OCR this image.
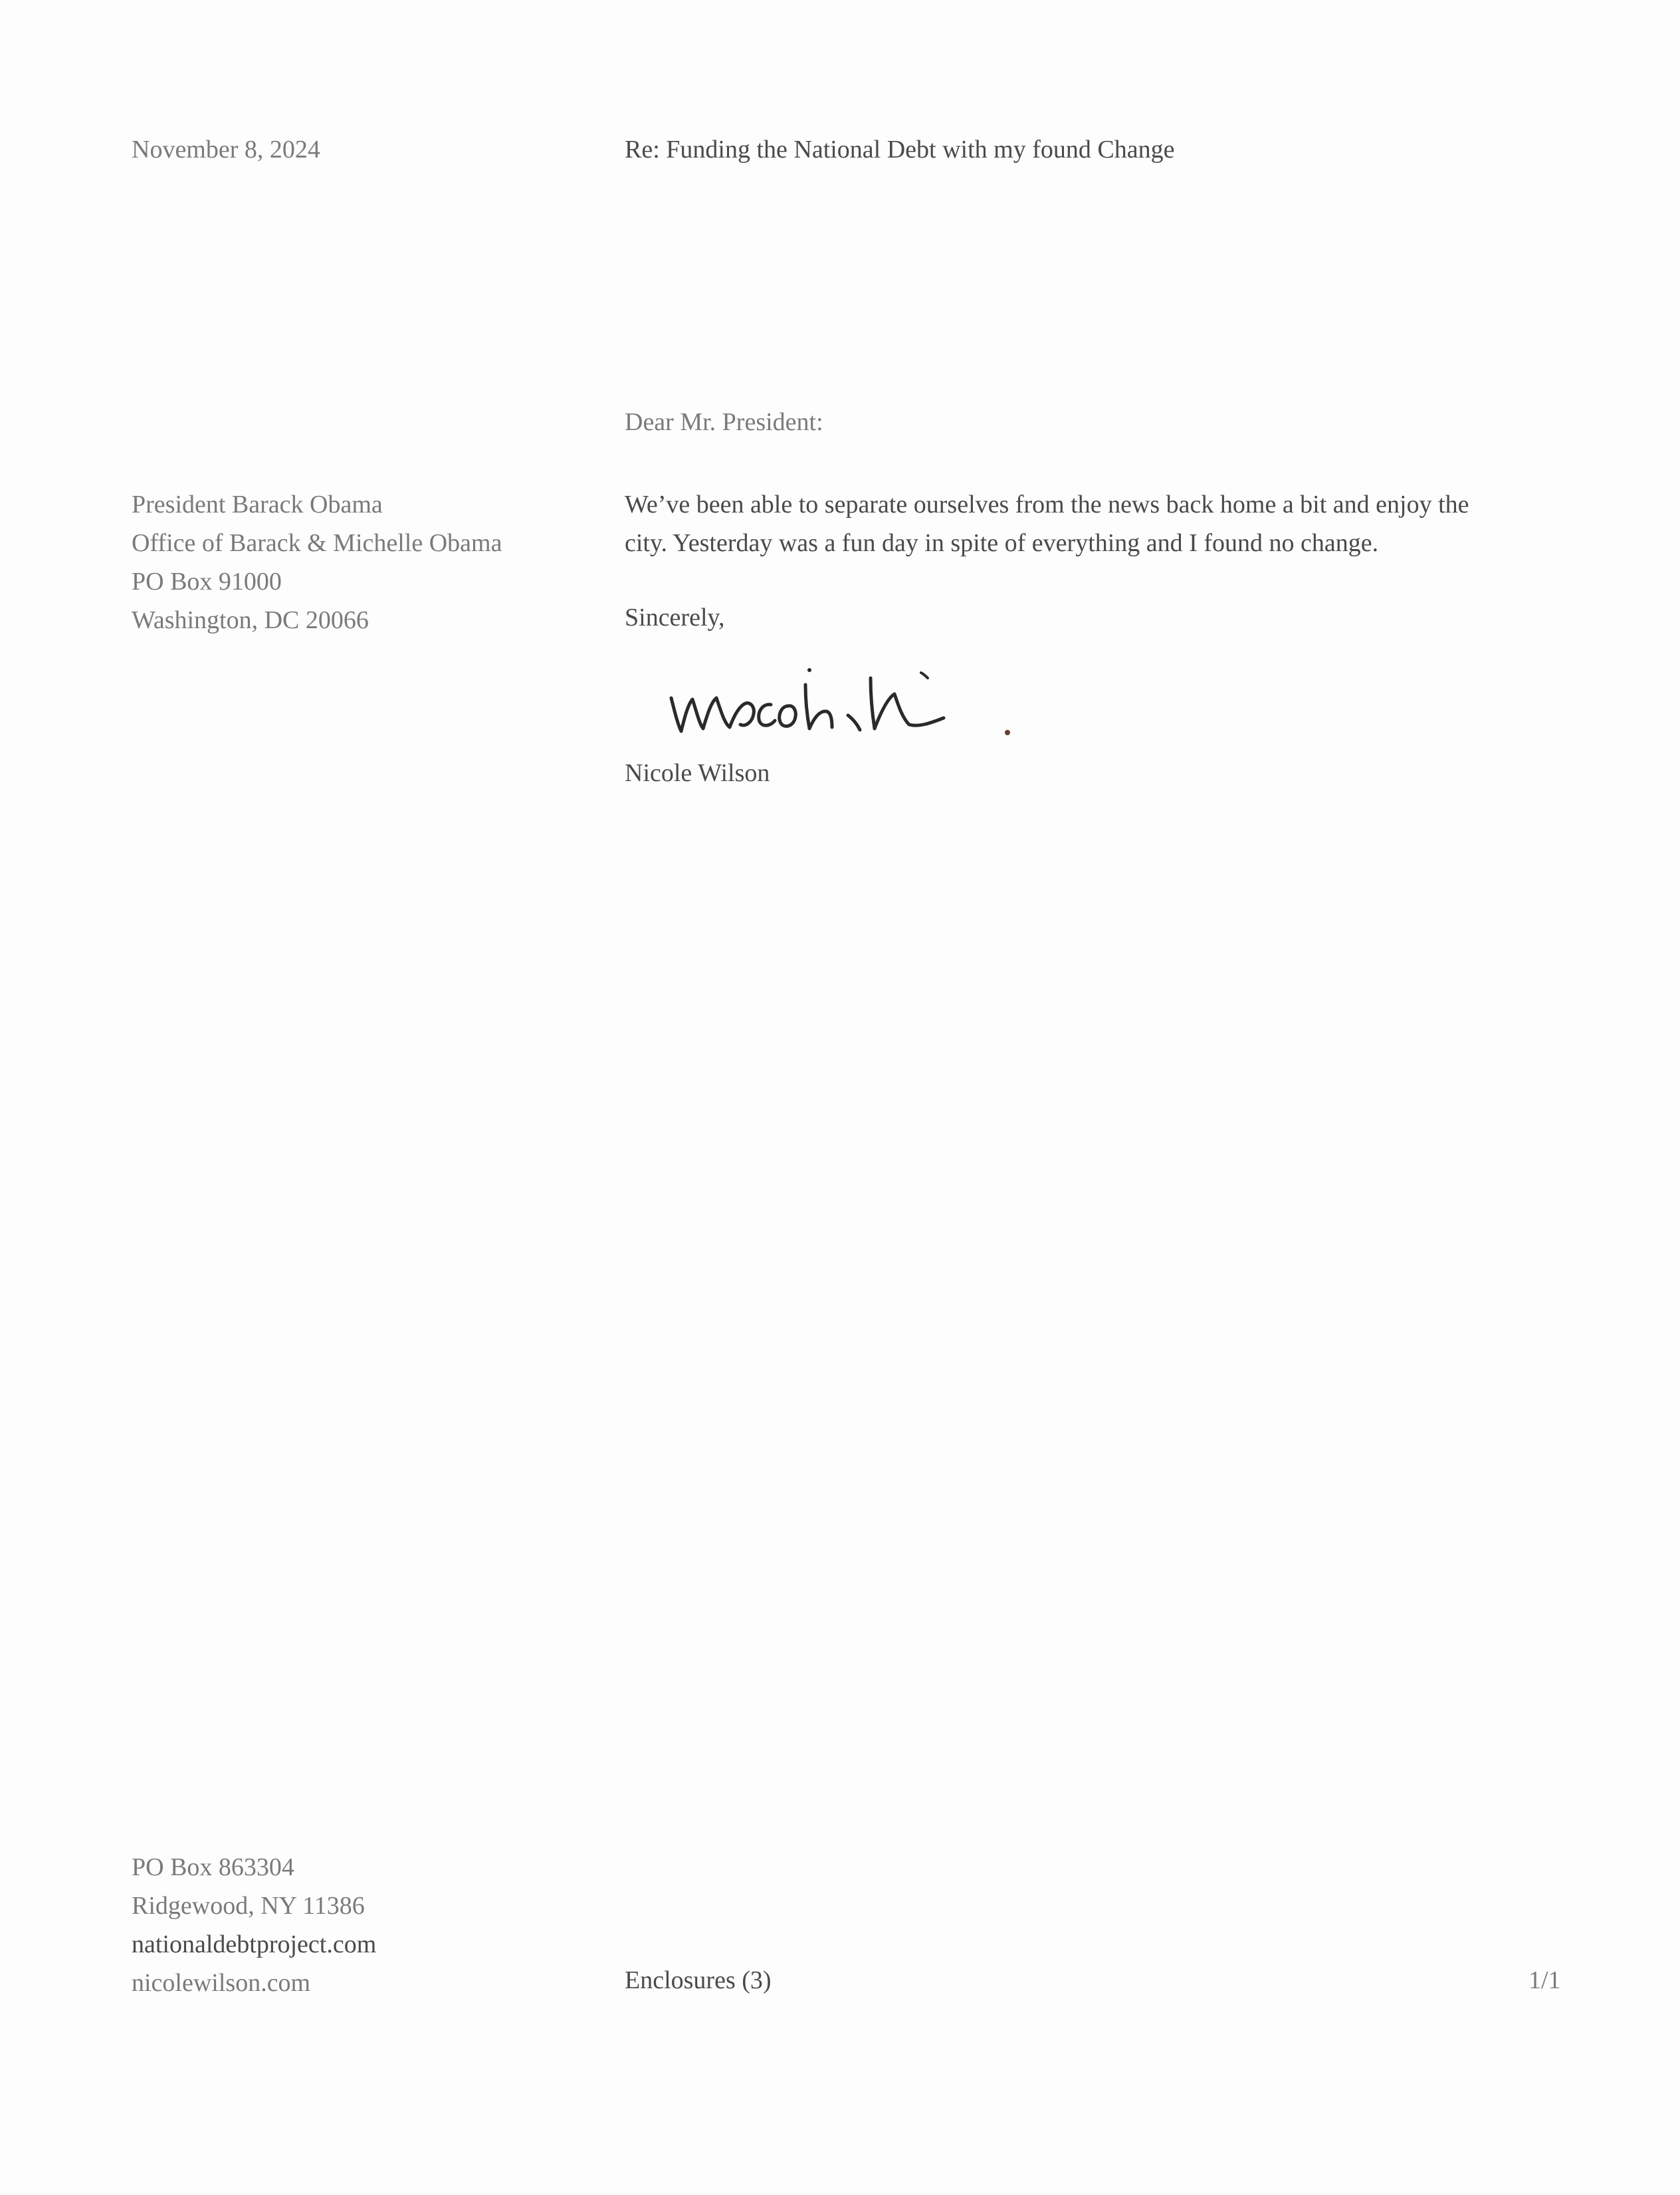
November 8, 2024	Re: Funding the National Debt with my found Change
Dear Mr. President:
President Barack Obama
Office of Barack & Michelle Obama
PO Box 91000
Washington, DC 20066
We’ve been able to separate ourselves from the news back home a bit and enjoy the
city. Yesterday was a fun day in spite of everything and I found no change.
Sincerely,
Nicole Wilson
PO Box 863304
Ridgewood, NY 11386
nationaldebtproject.com
nicolewilson.com	Enclosures (3)	1/1
